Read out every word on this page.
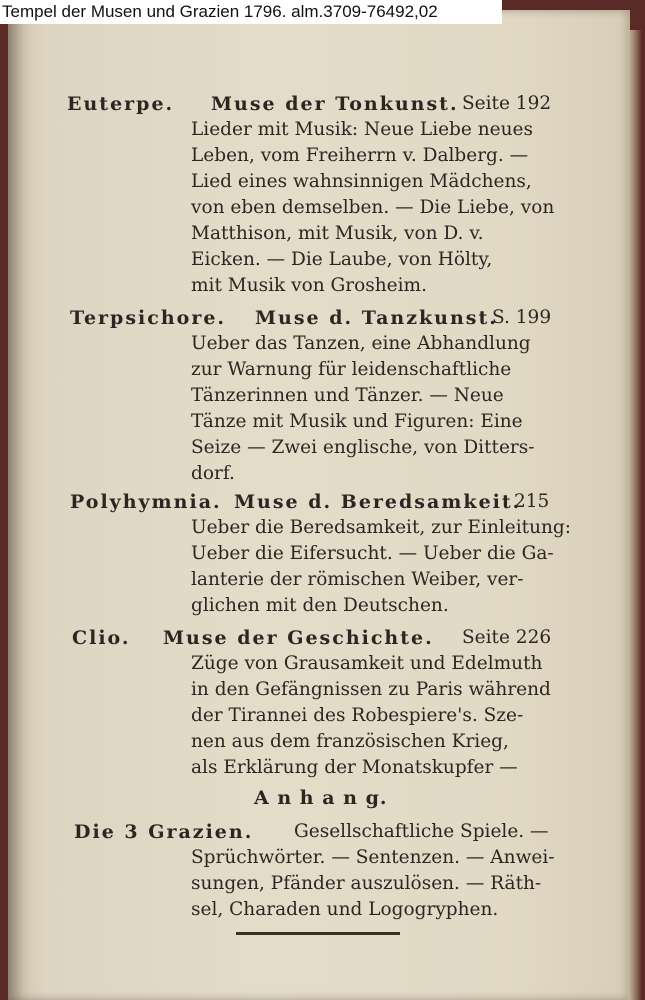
Tempel der Musen und Grazien 1796. alm.3709-76492,02
Euterpe. Muse der Tonkunst. Seite 192
Lieder mit Musik: Neue Liebe neues
Leben, vom Freiherrn v. Dalberg. —
Lied eines wahnsinnigen Mädchens,
von eben demselben. — Die Liebe, von
Matthison, mit Musik, von D. v.
Eicken. — Die Laube, von Hölty,
mit Musik von Grosheim.
Terpsichore. Muse d. Tanzkunst.
S. 199
Ueber das Tanzen, eine Abhandlung
zur Warnung für leidenschaftliche
Tänzerinnen und Tänzer. — Neue
Tänze mit Musik und Figuren: Eine
Seize — Zwei englische, von Ditters-
dorf.
Polyhymnia. Muse d. Beredsamkeit.
215
Ueber die Beredsamkeit, zur Einleitung:
Ueber die Eifersucht. — Ueber die Ga-
lanterie der römischen Weiber, ver-
glichen mit den Deutschen.
Clio. Muse der Geschichte. Seite 226
Züge von Grausamkeit und Edelmuth
in den Gefängnissen zu Paris während
der Tirannei des Robespiere's. Sze-
nen aus dem französischen Krieg,
als Erklärung der Monatskupfer —
A n h a n g.
Die 3 Grazien. Gesellschaftliche Spiele. —
Sprüchwörter. — Sentenzen. — Anwei-
sungen, Pfänder auszulösen. — Räth-
sel, Charaden und Logogryphen.
